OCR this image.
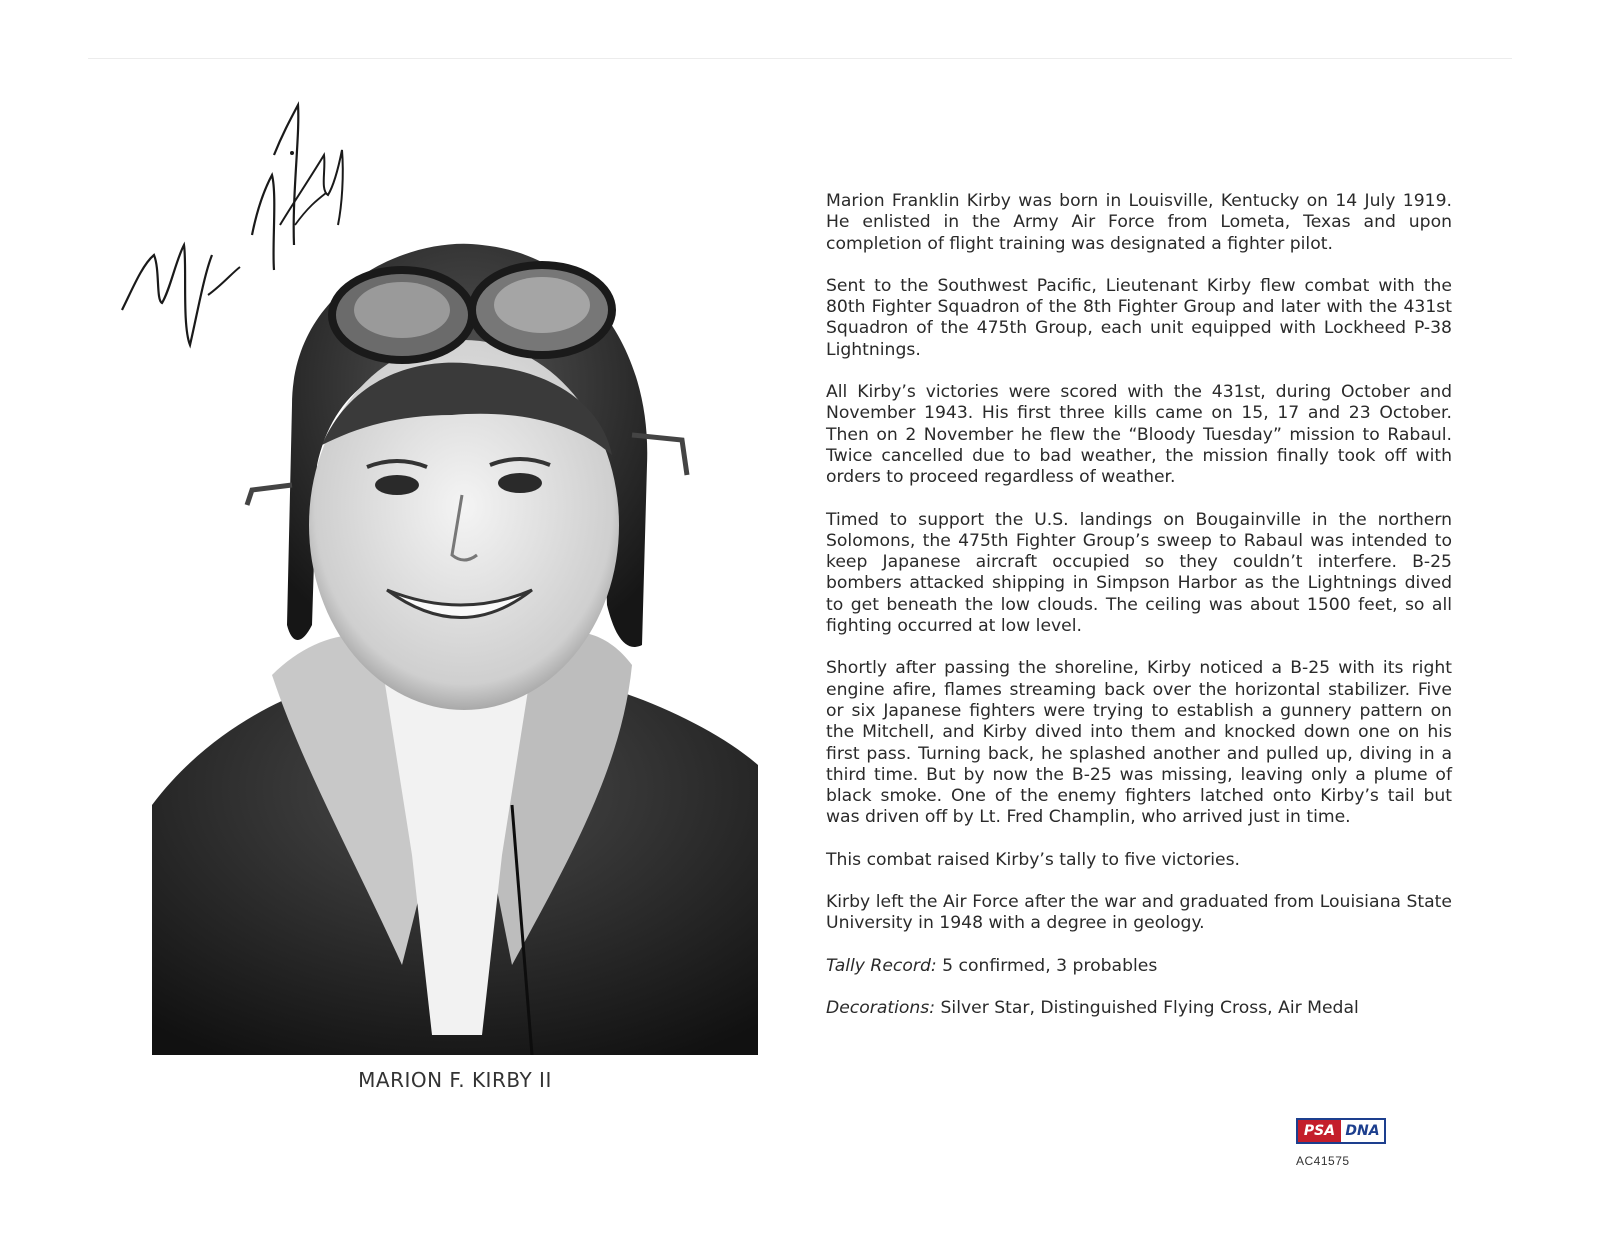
MARION F. KIRBY II

Marion Franklin Kirby was born in Louisville, Kentucky on 14 July 1919. He enlisted in the Army Air Force from Lometa, Texas and upon completion of flight training was designated a fighter pilot.

Sent to the Southwest Pacific, Lieutenant Kirby flew combat with the 80th Fighter Squadron of the 8th Fighter Group and later with the 431st Squadron of the 475th Group, each unit equipped with Lockheed P-38 Lightnings.

All Kirby’s victories were scored with the 431st, during October and November 1943. His first three kills came on 15, 17 and 23 October. Then on 2 November he flew the “Bloody Tuesday” mission to Rabaul. Twice cancelled due to bad weather, the mission finally took off with orders to proceed regardless of weather.

Timed to support the U.S. landings on Bougainville in the northern Solomons, the 475th Fighter Group’s sweep to Rabaul was intended to keep Japanese aircraft occupied so they couldn’t interfere. B-25 bombers attacked shipping in Simpson Harbor as the Lightnings dived to get beneath the low clouds. The ceiling was about 1500 feet, so all fighting occurred at low level.

Shortly after passing the shoreline, Kirby noticed a B-25 with its right engine afire, flames streaming back over the horizontal stabilizer. Five or six Japanese fighters were trying to establish a gunnery pattern on the Mitchell, and Kirby dived into them and knocked down one on his first pass. Turning back, he splashed another and pulled up, diving in a third time. But by now the B-25 was missing, leaving only a plume of black smoke. One of the enemy fighters latched onto Kirby’s tail but was driven off by Lt. Fred Champlin, who arrived just in time.

This combat raised Kirby’s tally to five victories.

Kirby left the Air Force after the war and graduated from Louisiana State University in 1948 with a degree in geology.

Tally Record: 5 confirmed, 3 probables

Decorations: Silver Star, Distinguished Flying Cross, Air Medal

PSA DNA
AC41575
